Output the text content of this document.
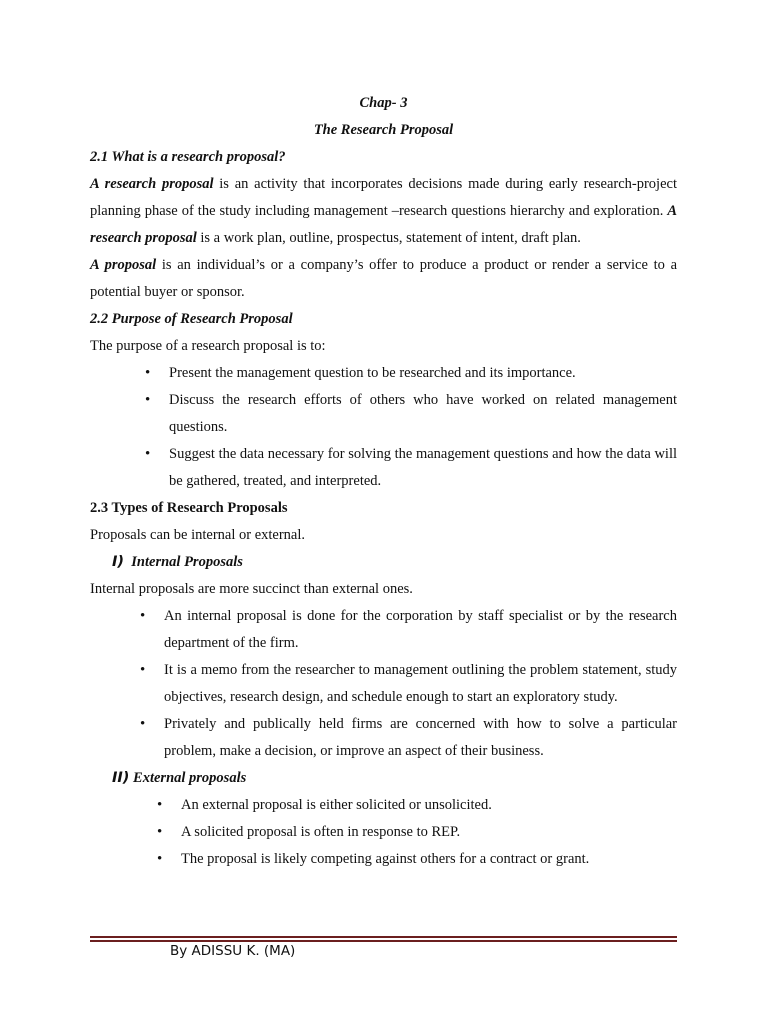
Chap- 3
The Research Proposal
2.1 What is a research proposal?
A research proposal is an activity that incorporates decisions made during early research-project planning phase of the study including management –research questions hierarchy and exploration. A research proposal is a work plan, outline, prospectus, statement of intent, draft plan.
A proposal is an individual’s or a company’s offer to produce a product or render a service to a potential buyer or sponsor.
2.2 Purpose of Research Proposal
The purpose of a research proposal is to:
• Present the management question to be researched and its importance.
• Discuss the research efforts of others who have worked on related management questions.
• Suggest the data necessary for solving the management questions and how the data will be gathered, treated, and interpreted.
2.3 Types of Research Proposals
Proposals can be internal or external.
I) Internal Proposals
Internal proposals are more succinct than external ones.
• An internal proposal is done for the corporation by staff specialist or by the research department of the firm.
• It is a memo from the researcher to management outlining the problem statement, study objectives, research design, and schedule enough to start an exploratory study.
• Privately and publically held firms are concerned with how to solve a particular problem, make a decision, or improve an aspect of their business.
II) External proposals
• An external proposal is either solicited or unsolicited.
• A solicited proposal is often in response to REP.
• The proposal is likely competing against others for a contract or grant.
By ADISSU K. (MA)
